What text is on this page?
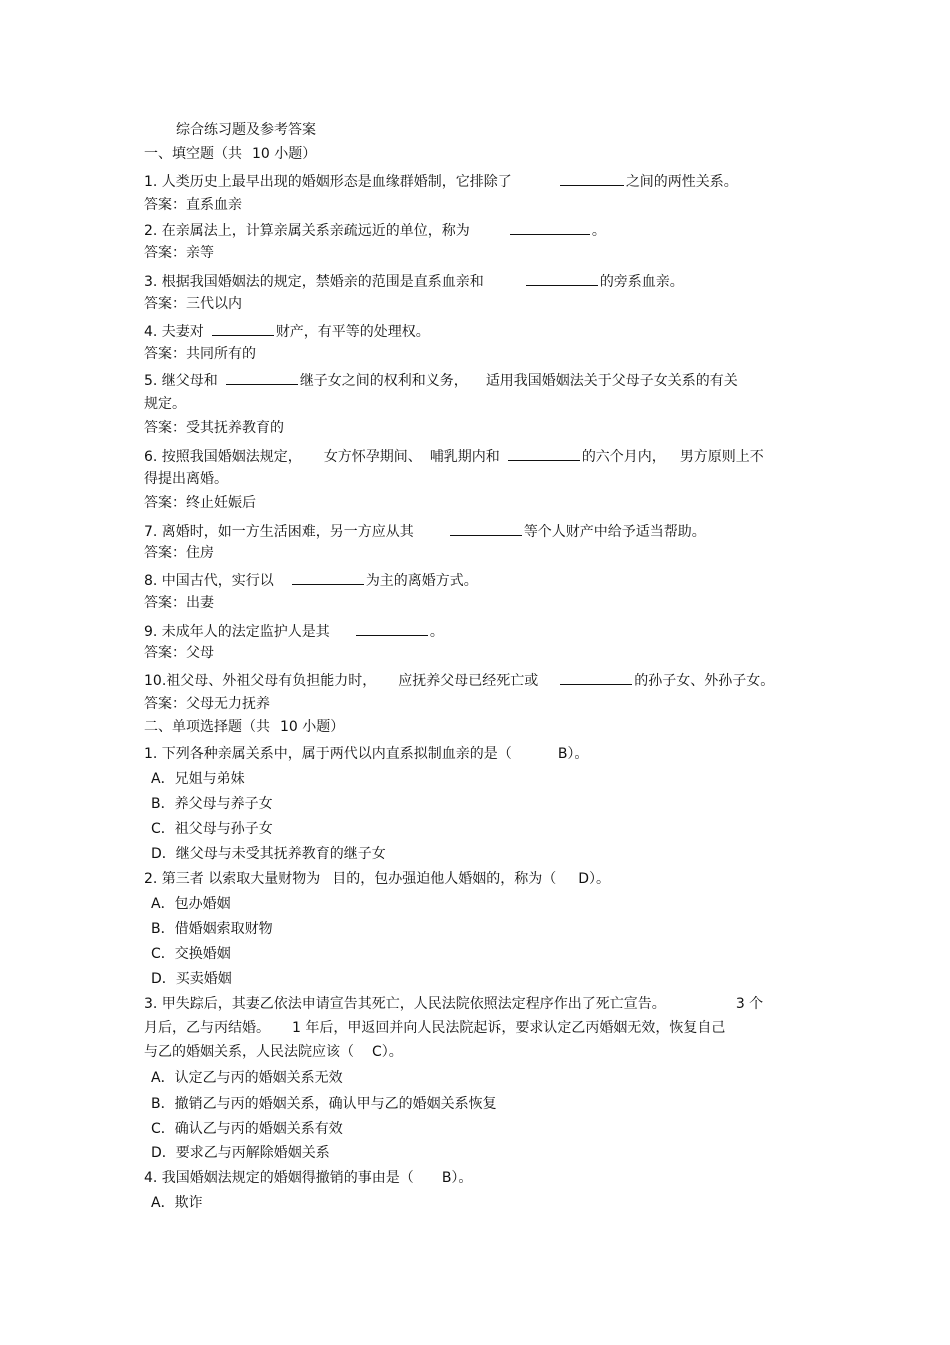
综合练习题及参考答案
一、填空题（共 10 小题）
1. 人类历史上最早出现的婚姻形态是血缘群婚制，它排除了	之间的两性关系。
答案：直系血亲
2. 在亲属法上，计算亲属关系亲疏远近的单位，称为	。
答案：亲等
3. 根据我国婚姻法的规定，禁婚亲的范围是直系血亲和	的旁系血亲。
答案：三代以内
4. 夫妻对	财产，有平等的处理权。
答案：共同所有的
5. 继父母和	继子女之间的权利和义务， 适用我国婚姻法关于父母子女关系的有关
规定。
答案：受其抚养教育的
6. 按照我国婚姻法规定， 女方怀孕期间、 哺乳期内和	的六个月内， 男方原则上不
得提出离婚。
答案：终止妊娠后
7. 离婚时，如一方生活困难，另一方应从其	等个人财产中给予适当帮助。
答案：住房
8. 中国古代，实行以	为主的离婚方式。
答案：出妻
9. 未成年人的法定监护人是其	。
答案：父母
10.祖父母、外祖父母有负担能力时， 应抚养父母已经死亡或	的孙子女、外孙子女。
答案：父母无力抚养
二、单项选择题（共 10 小题）
1. 下列各种亲属关系中，属于两代以内直系拟制血亲的是（	B）。
A．兄姐与弟妹
B．养父母与养子女
C．祖父母与孙子女
D．继父母与未受其抚养教育的继子女
2. 第三者 以索取大量财物为 目的，包办强迫他人婚姻的，称为（ D）。
A．包办婚姻
B．借婚姻索取财物
C．交换婚姻
D．买卖婚姻
3. 甲失踪后，其妻乙依法申请宣告其死亡，人民法院依照法定程序作出了死亡宣告。	3 个
月后，乙与丙结婚。 1 年后，甲返回并向人民法院起诉，要求认定乙丙婚姻无效，恢复自己
与乙的婚姻关系，人民法院应该（ C）。
A．认定乙与丙的婚姻关系无效
B．撤销乙与丙的婚姻关系，确认甲与乙的婚姻关系恢复
C．确认乙与丙的婚姻关系有效
D．要求乙与丙解除婚姻关系
4. 我国婚姻法规定的婚姻得撤销的事由是（ B）。
A．欺诈
